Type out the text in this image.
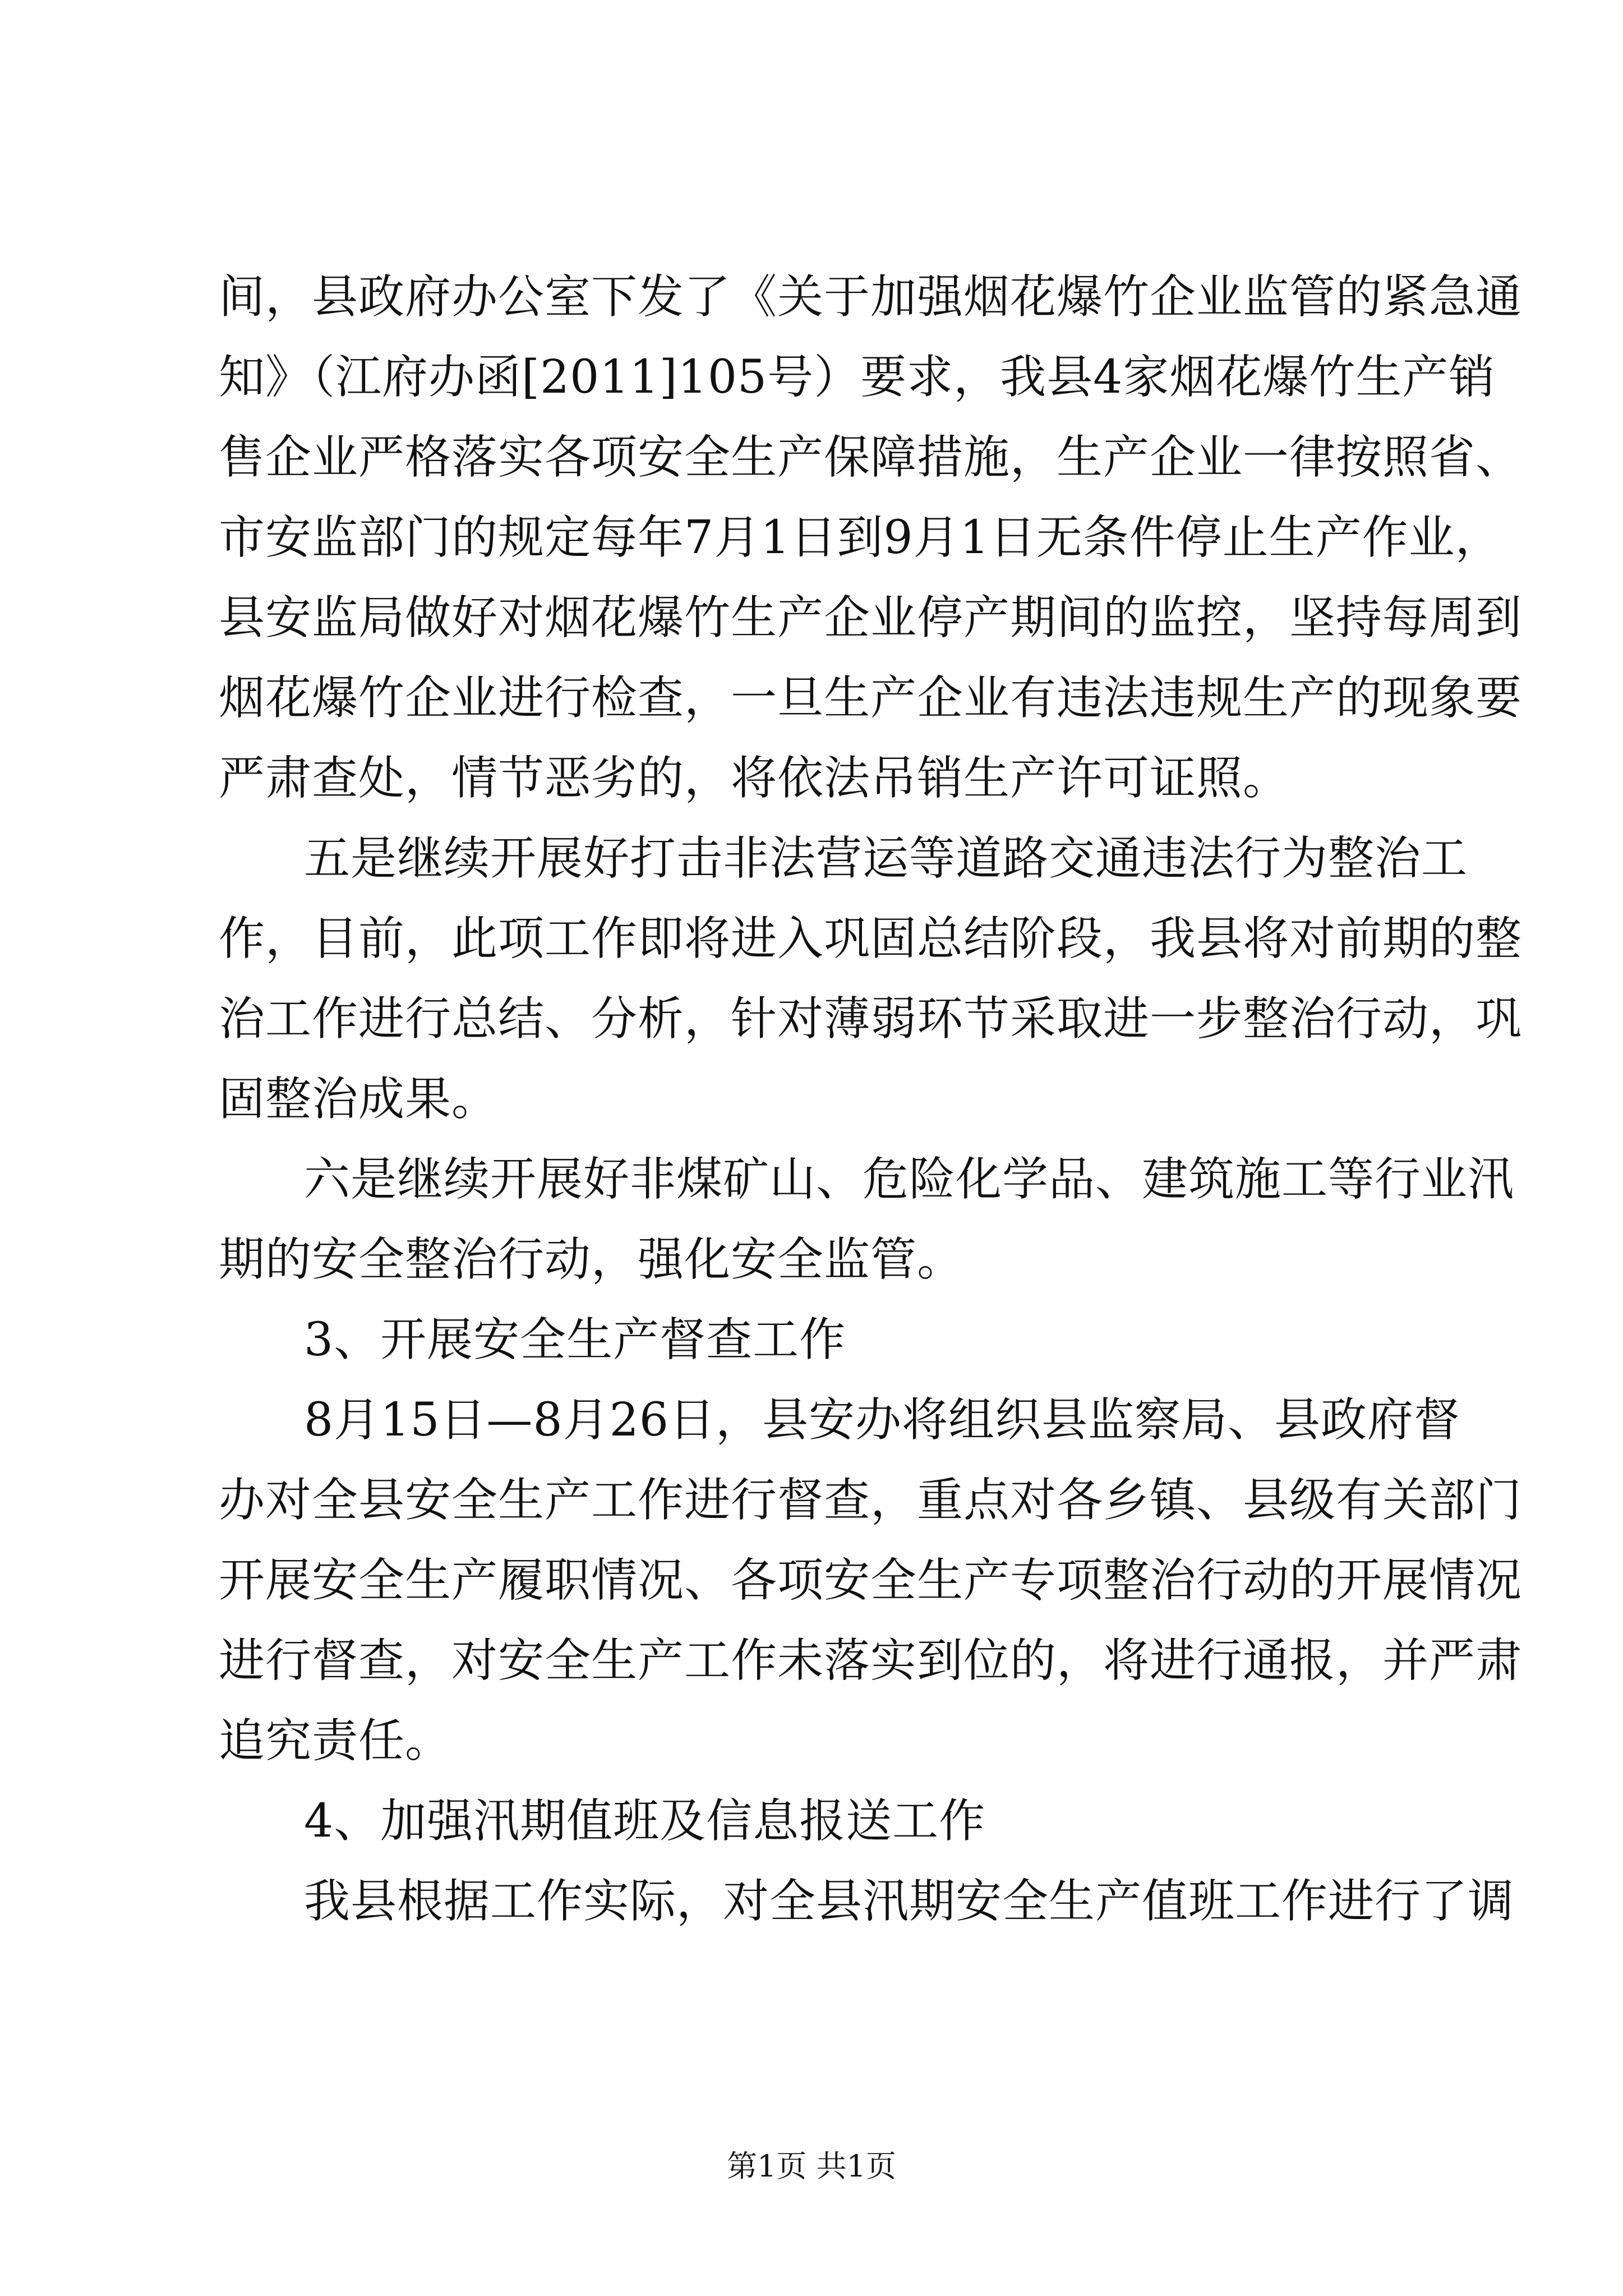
间，县政府办公室下发了《关于加强烟花爆竹企业监管的紧急通
知》（江府办函[2011]105号）要求，我县4家烟花爆竹生产销
售企业严格落实各项安全生产保障措施，生产企业一律按照省、
市安监部门的规定每年7月1日到9月1日无条件停止生产作业，
县安监局做好对烟花爆竹生产企业停产期间的监控，坚持每周到
烟花爆竹企业进行检查，一旦生产企业有违法违规生产的现象要
严肃查处，情节恶劣的，将依法吊销生产许可证照。
五是继续开展好打击非法营运等道路交通违法行为整治工
作，目前，此项工作即将进入巩固总结阶段，我县将对前期的整
治工作进行总结、分析，针对薄弱环节采取进一步整治行动，巩
固整治成果。
六是继续开展好非煤矿山、危险化学品、建筑施工等行业汛
期的安全整治行动，强化安全监管。
3、开展安全生产督查工作
8月15日—8月26日，县安办将组织县监察局、县政府督
办对全县安全生产工作进行督查，重点对各乡镇、县级有关部门
开展安全生产履职情况、各项安全生产专项整治行动的开展情况
进行督查，对安全生产工作未落实到位的，将进行通报，并严肃
追究责任。
4、加强汛期值班及信息报送工作
我县根据工作实际，对全县汛期安全生产值班工作进行了调
第1页 共1页
